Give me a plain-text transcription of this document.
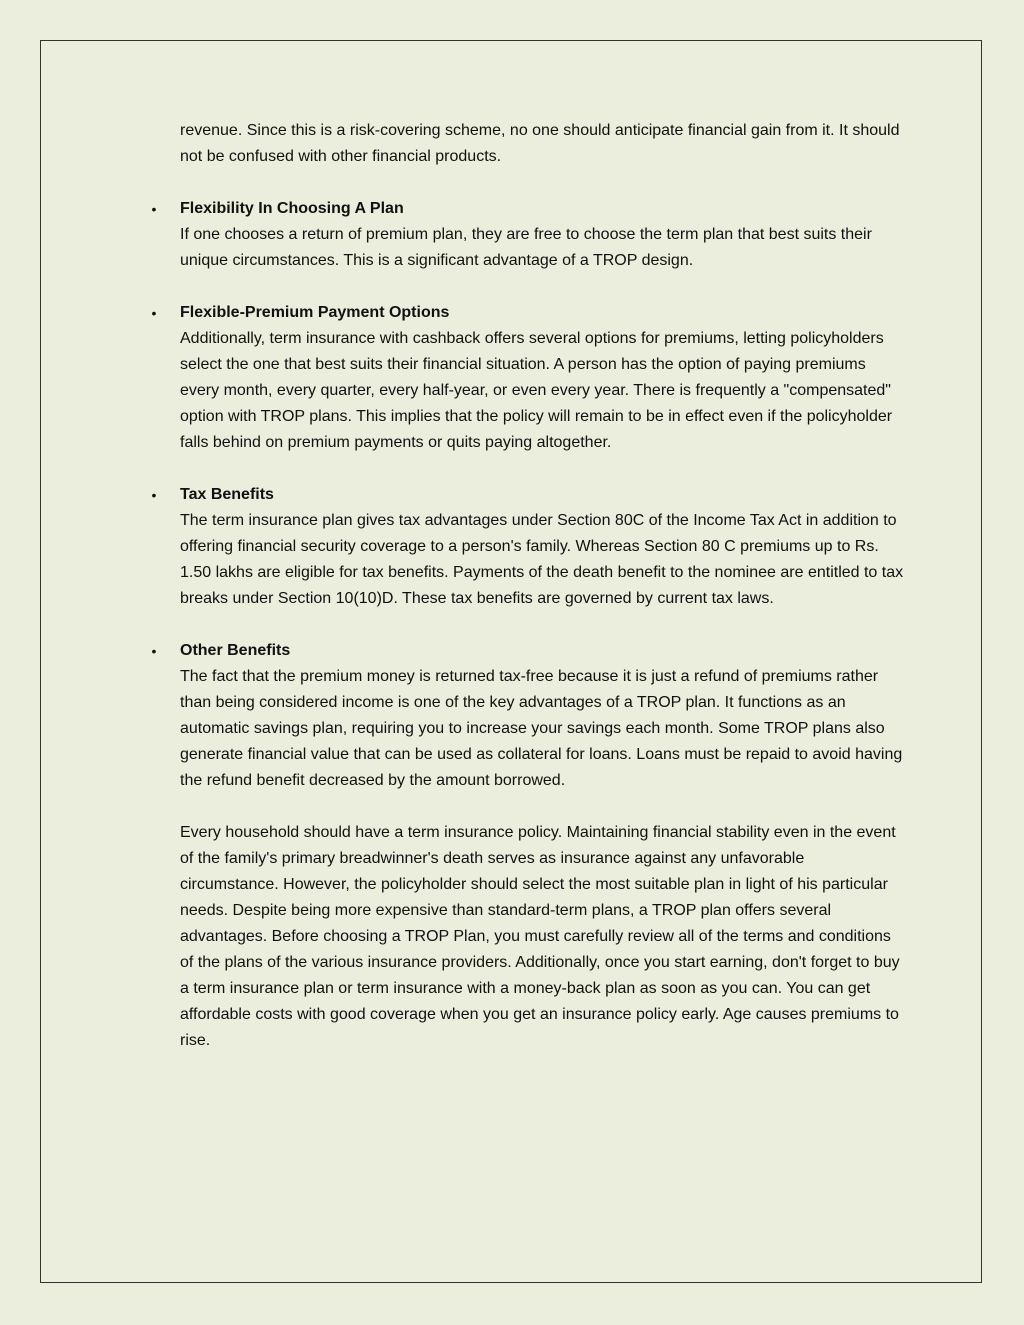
revenue. Since this is a risk-covering scheme, no one should anticipate financial gain from it. It should not be confused with other financial products.

• Flexibility In Choosing A Plan

If one chooses a return of premium plan, they are free to choose the term plan that best suits their unique circumstances. This is a significant advantage of a TROP design.

• Flexible-Premium Payment Options

Additionally, term insurance with cashback offers several options for premiums, letting policyholders select the one that best suits their financial situation. A person has the option of paying premiums every month, every quarter, every half-year, or even every year. There is frequently a "compensated" option with TROP plans. This implies that the policy will remain to be in effect even if the policyholder falls behind on premium payments or quits paying altogether.

• Tax Benefits

The term insurance plan gives tax advantages under Section 80C of the Income Tax Act in addition to offering financial security coverage to a person's family. Whereas Section 80 C premiums up to Rs. 1.50 lakhs are eligible for tax benefits. Payments of the death benefit to the nominee are entitled to tax breaks under Section 10(10)D. These tax benefits are governed by current tax laws.

• Other Benefits

The fact that the premium money is returned tax-free because it is just a refund of premiums rather than being considered income is one of the key advantages of a TROP plan. It functions as an automatic savings plan, requiring you to increase your savings each month. Some TROP plans also generate financial value that can be used as collateral for loans. Loans must be repaid to avoid having the refund benefit decreased by the amount borrowed.

Every household should have a term insurance policy. Maintaining financial stability even in the event of the family's primary breadwinner's death serves as insurance against any unfavorable circumstance. However, the policyholder should select the most suitable plan in light of his particular needs. Despite being more expensive than standard-term plans, a TROP plan offers several advantages. Before choosing a TROP Plan, you must carefully review all of the terms and conditions of the plans of the various insurance providers. Additionally, once you start earning, don't forget to buy a term insurance plan or term insurance with a money-back plan as soon as you can. You can get affordable costs with good coverage when you get an insurance policy early. Age causes premiums to rise.
